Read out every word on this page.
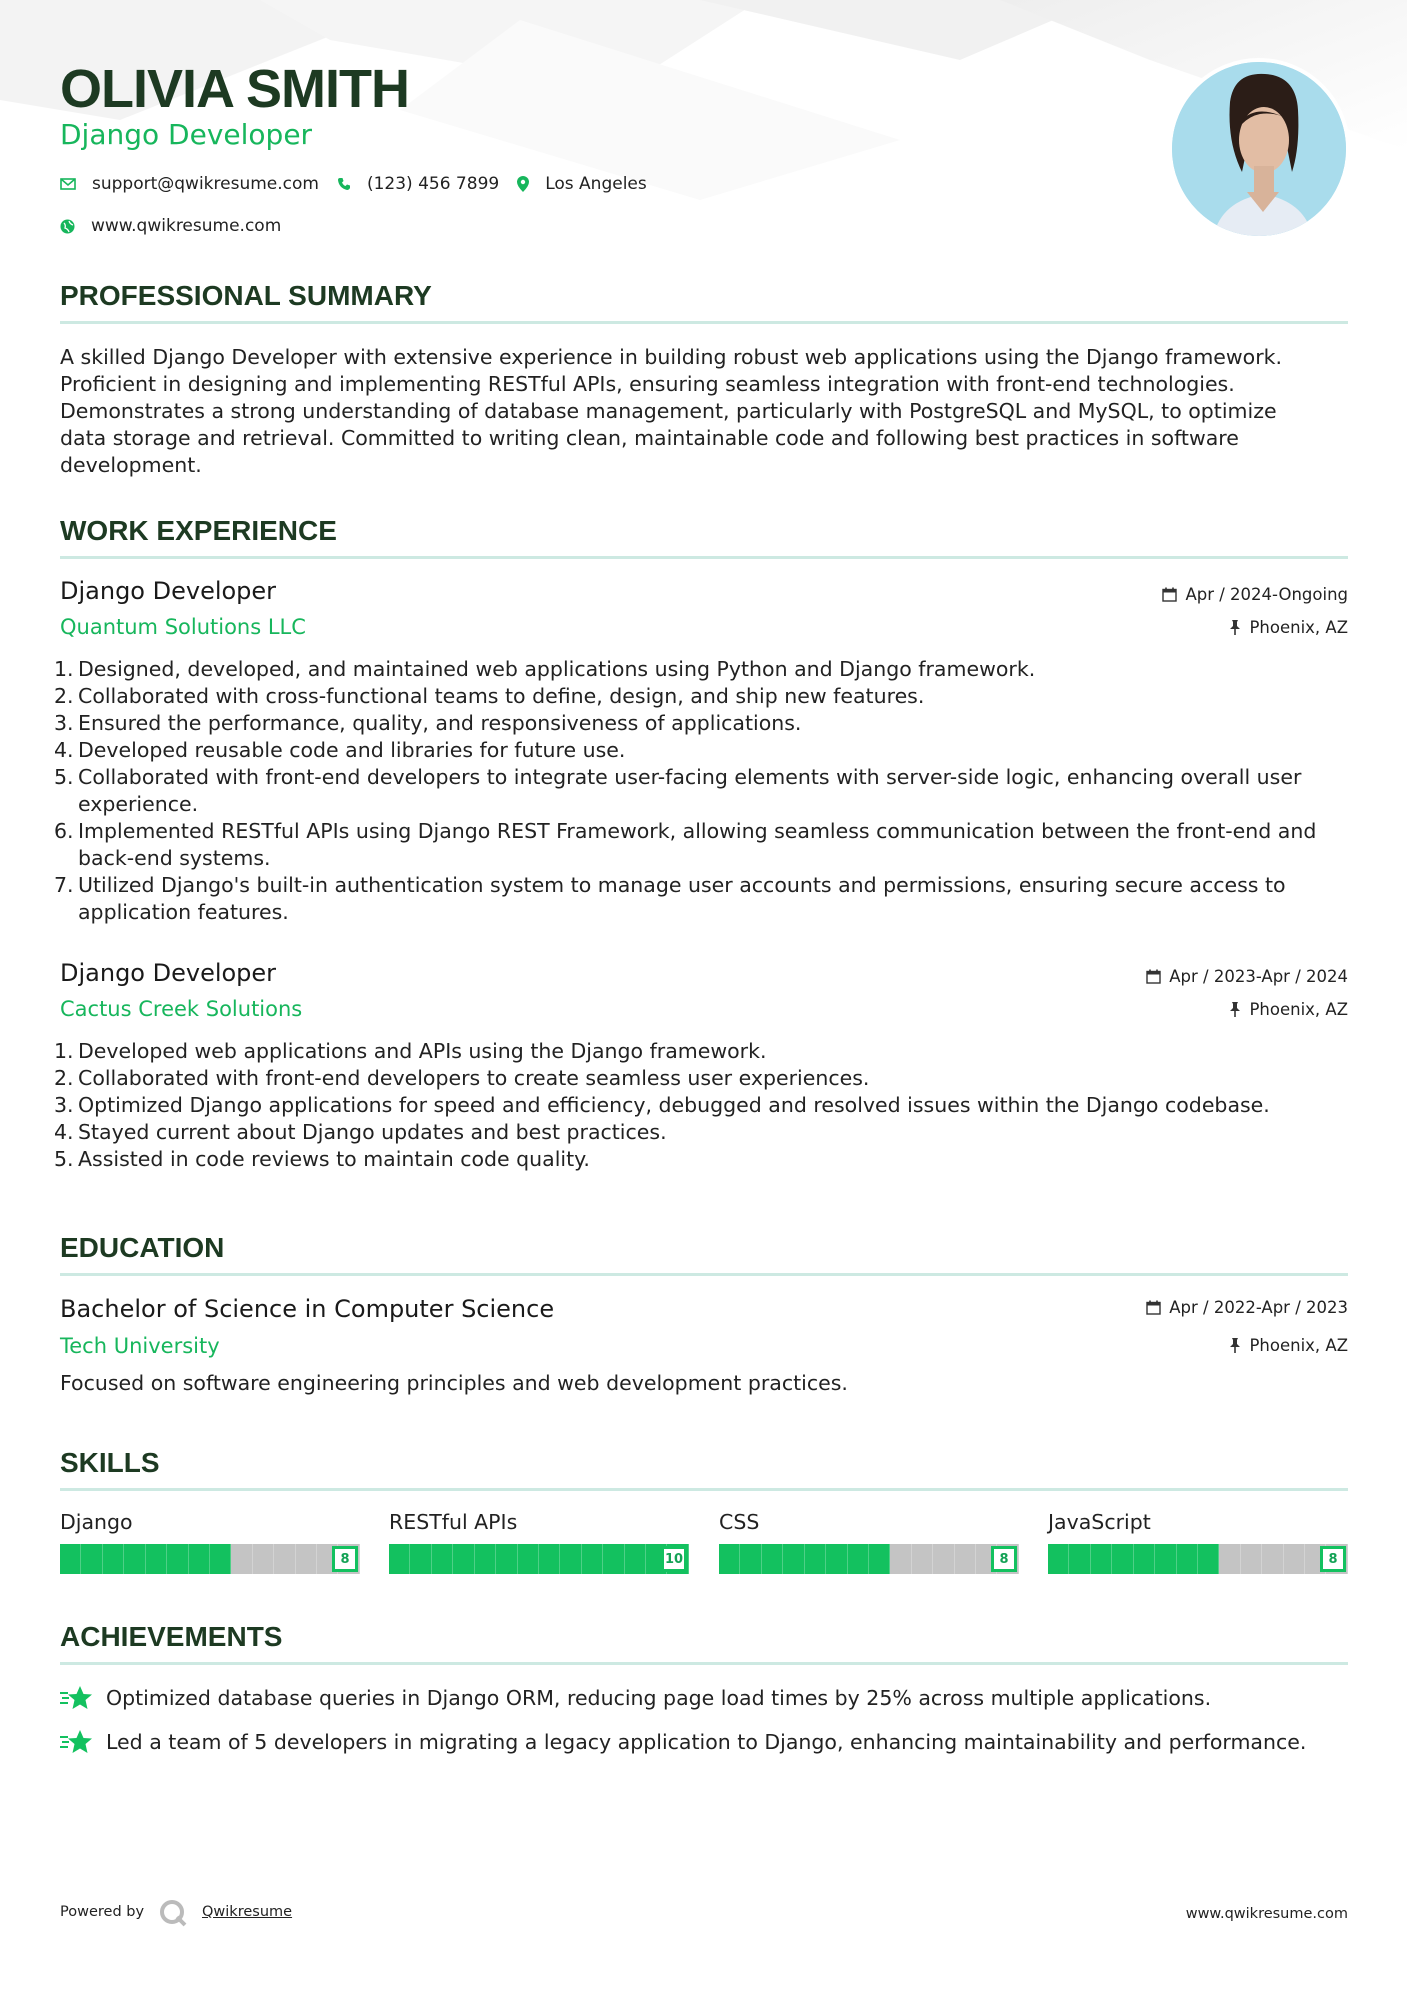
OLIVIA SMITH
Django Developer
support@qwikresume.com	(123) 456 7899	Los Angeles
www.qwikresume.com
PROFESSIONAL SUMMARY
A skilled Django Developer with extensive experience in building robust web applications using the Django framework.
Proficient in designing and implementing RESTful APIs, ensuring seamless integration with front-end technologies.
Demonstrates a strong understanding of database management, particularly with PostgreSQL and MySQL, to optimize
data storage and retrieval. Committed to writing clean, maintainable code and following best practices in software
development.
WORK EXPERIENCE
Django Developer
Quantum Solutions LLC
Apr / 2024-Ongoing
Phoenix, AZ
1. Designed, developed, and maintained web applications using Python and Django framework.
2. Collaborated with cross-functional teams to define, design, and ship new features.
3. Ensured the performance, quality, and responsiveness of applications.
4. Developed reusable code and libraries for future use.
5. Collaborated with front-end developers to integrate user-facing elements with server-side logic, enhancing overall user
experience.
6. Implemented RESTful APIs using Django REST Framework, allowing seamless communication between the front-end and
back-end systems.
7. Utilized Django's built-in authentication system to manage user accounts and permissions, ensuring secure access to
application features.
Django Developer
Cactus Creek Solutions
Apr / 2023-Apr / 2024
Phoenix, AZ
1. Developed web applications and APIs using the Django framework.
2. Collaborated with front-end developers to create seamless user experiences.
3. Optimized Django applications for speed and efficiency, debugged and resolved issues within the Django codebase.
4. Stayed current about Django updates and best practices.
5. Assisted in code reviews to maintain code quality.
EDUCATION
Bachelor of Science in Computer Science
Tech University
Apr / 2022-Apr / 2023
Phoenix, AZ
Focused on software engineering principles and web development practices.
SKILLS
Django
8
RESTful APIs
10
CSS
8
JavaScript
8
ACHIEVEMENTS
Optimized database queries in Django ORM, reducing page load times by 25% across multiple applications.
Led a team of 5 developers in migrating a legacy application to Django, enhancing maintainability and performance.
Powered by	Qwikresume	www.qwikresume.com
